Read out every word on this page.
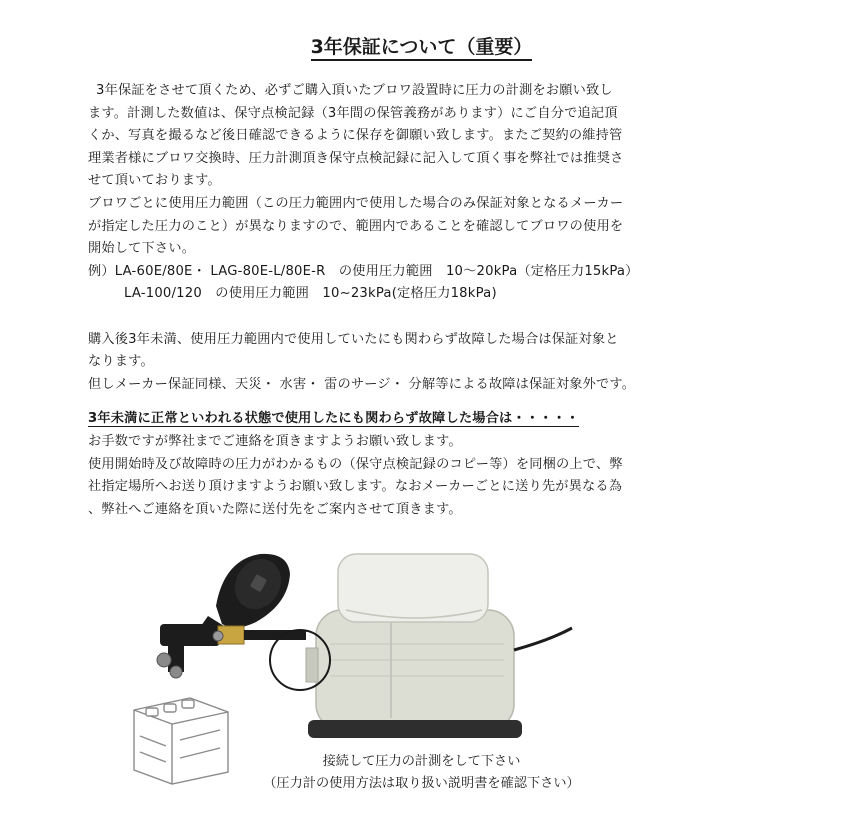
3年保証について（重要）
3年保証をさせて頂くため、必ずご購入頂いたブロワ設置時に圧力の計測をお願い致し
ます。計測した数値は、保守点検記録（3年間の保管義務があります）にご自分で追記頂
くか、写真を撮るなど後日確認できるように保存を御願い致します。またご契約の維持管
理業者様にブロワ交換時、圧力計測頂き保守点検記録に記入して頂く事を弊社では推奨さ
せて頂いております。
ブロワごとに使用圧力範囲（この圧力範囲内で使用した場合のみ保証対象となるメーカー
が指定した圧力のこと）が異なりますので、範囲内であることを確認してブロワの使用を
開始して下さい。
例）LA-60E/80E・ LAG-80E-L/80E-R　の使用圧力範囲　10～20kPa（定格圧力15kPa）
LA-100/120　の使用圧力範囲　10~23kPa(定格圧力18kPa)
購入後3年未満、使用圧力範囲内で使用していたにも関わらず故障した場合は保証対象と
なります。
但しメーカー保証同様、天災・ 水害・ 雷のサージ・ 分解等による故障は保証対象外です。
3年未満に正常といわれる状態で使用したにも関わらず故障した場合は・・・・・
お手数ですが弊社までご連絡を頂きますようお願い致します。
使用開始時及び故障時の圧力がわかるもの（保守点検記録のコピー等）を同梱の上で、弊
社指定場所へお送り頂けますようお願い致します。なおメーカーごとに送り先が異なる為
、弊社へご連絡を頂いた際に送付先をご案内させて頂きます。
接続して圧力の計測をして下さい
（圧力計の使用方法は取り扱い説明書を確認下さい）
